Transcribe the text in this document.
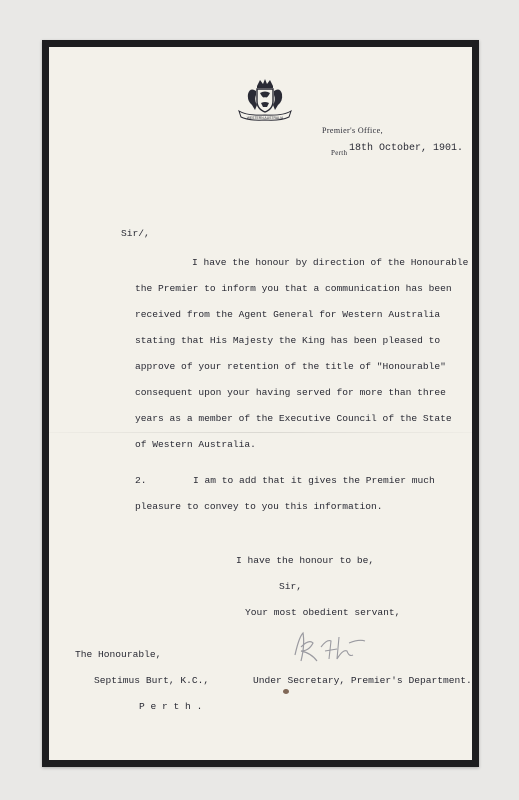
WESTERN AUSTRALIA
Premier's Office,
Perth 18th October, 1901.
Sir/,
I have the honour by direction of the Honourable
the Premier to inform you that a communication has been
received from the Agent General for Western Australia
stating that His Majesty the King has been pleased to
approve of your retention of the title of "Honourable"
consequent upon your having served for more than three
years as a member of the Executive Council of the State
of Western Australia.
2.	I am to add that it gives the Premier much
pleasure to convey to you this information.
I have the honour to be,
Sir,
Your most obedient servant,
The Honourable,
Septimus Burt, K.C.,
P e r t h .
Under Secretary, Premier's Department.
